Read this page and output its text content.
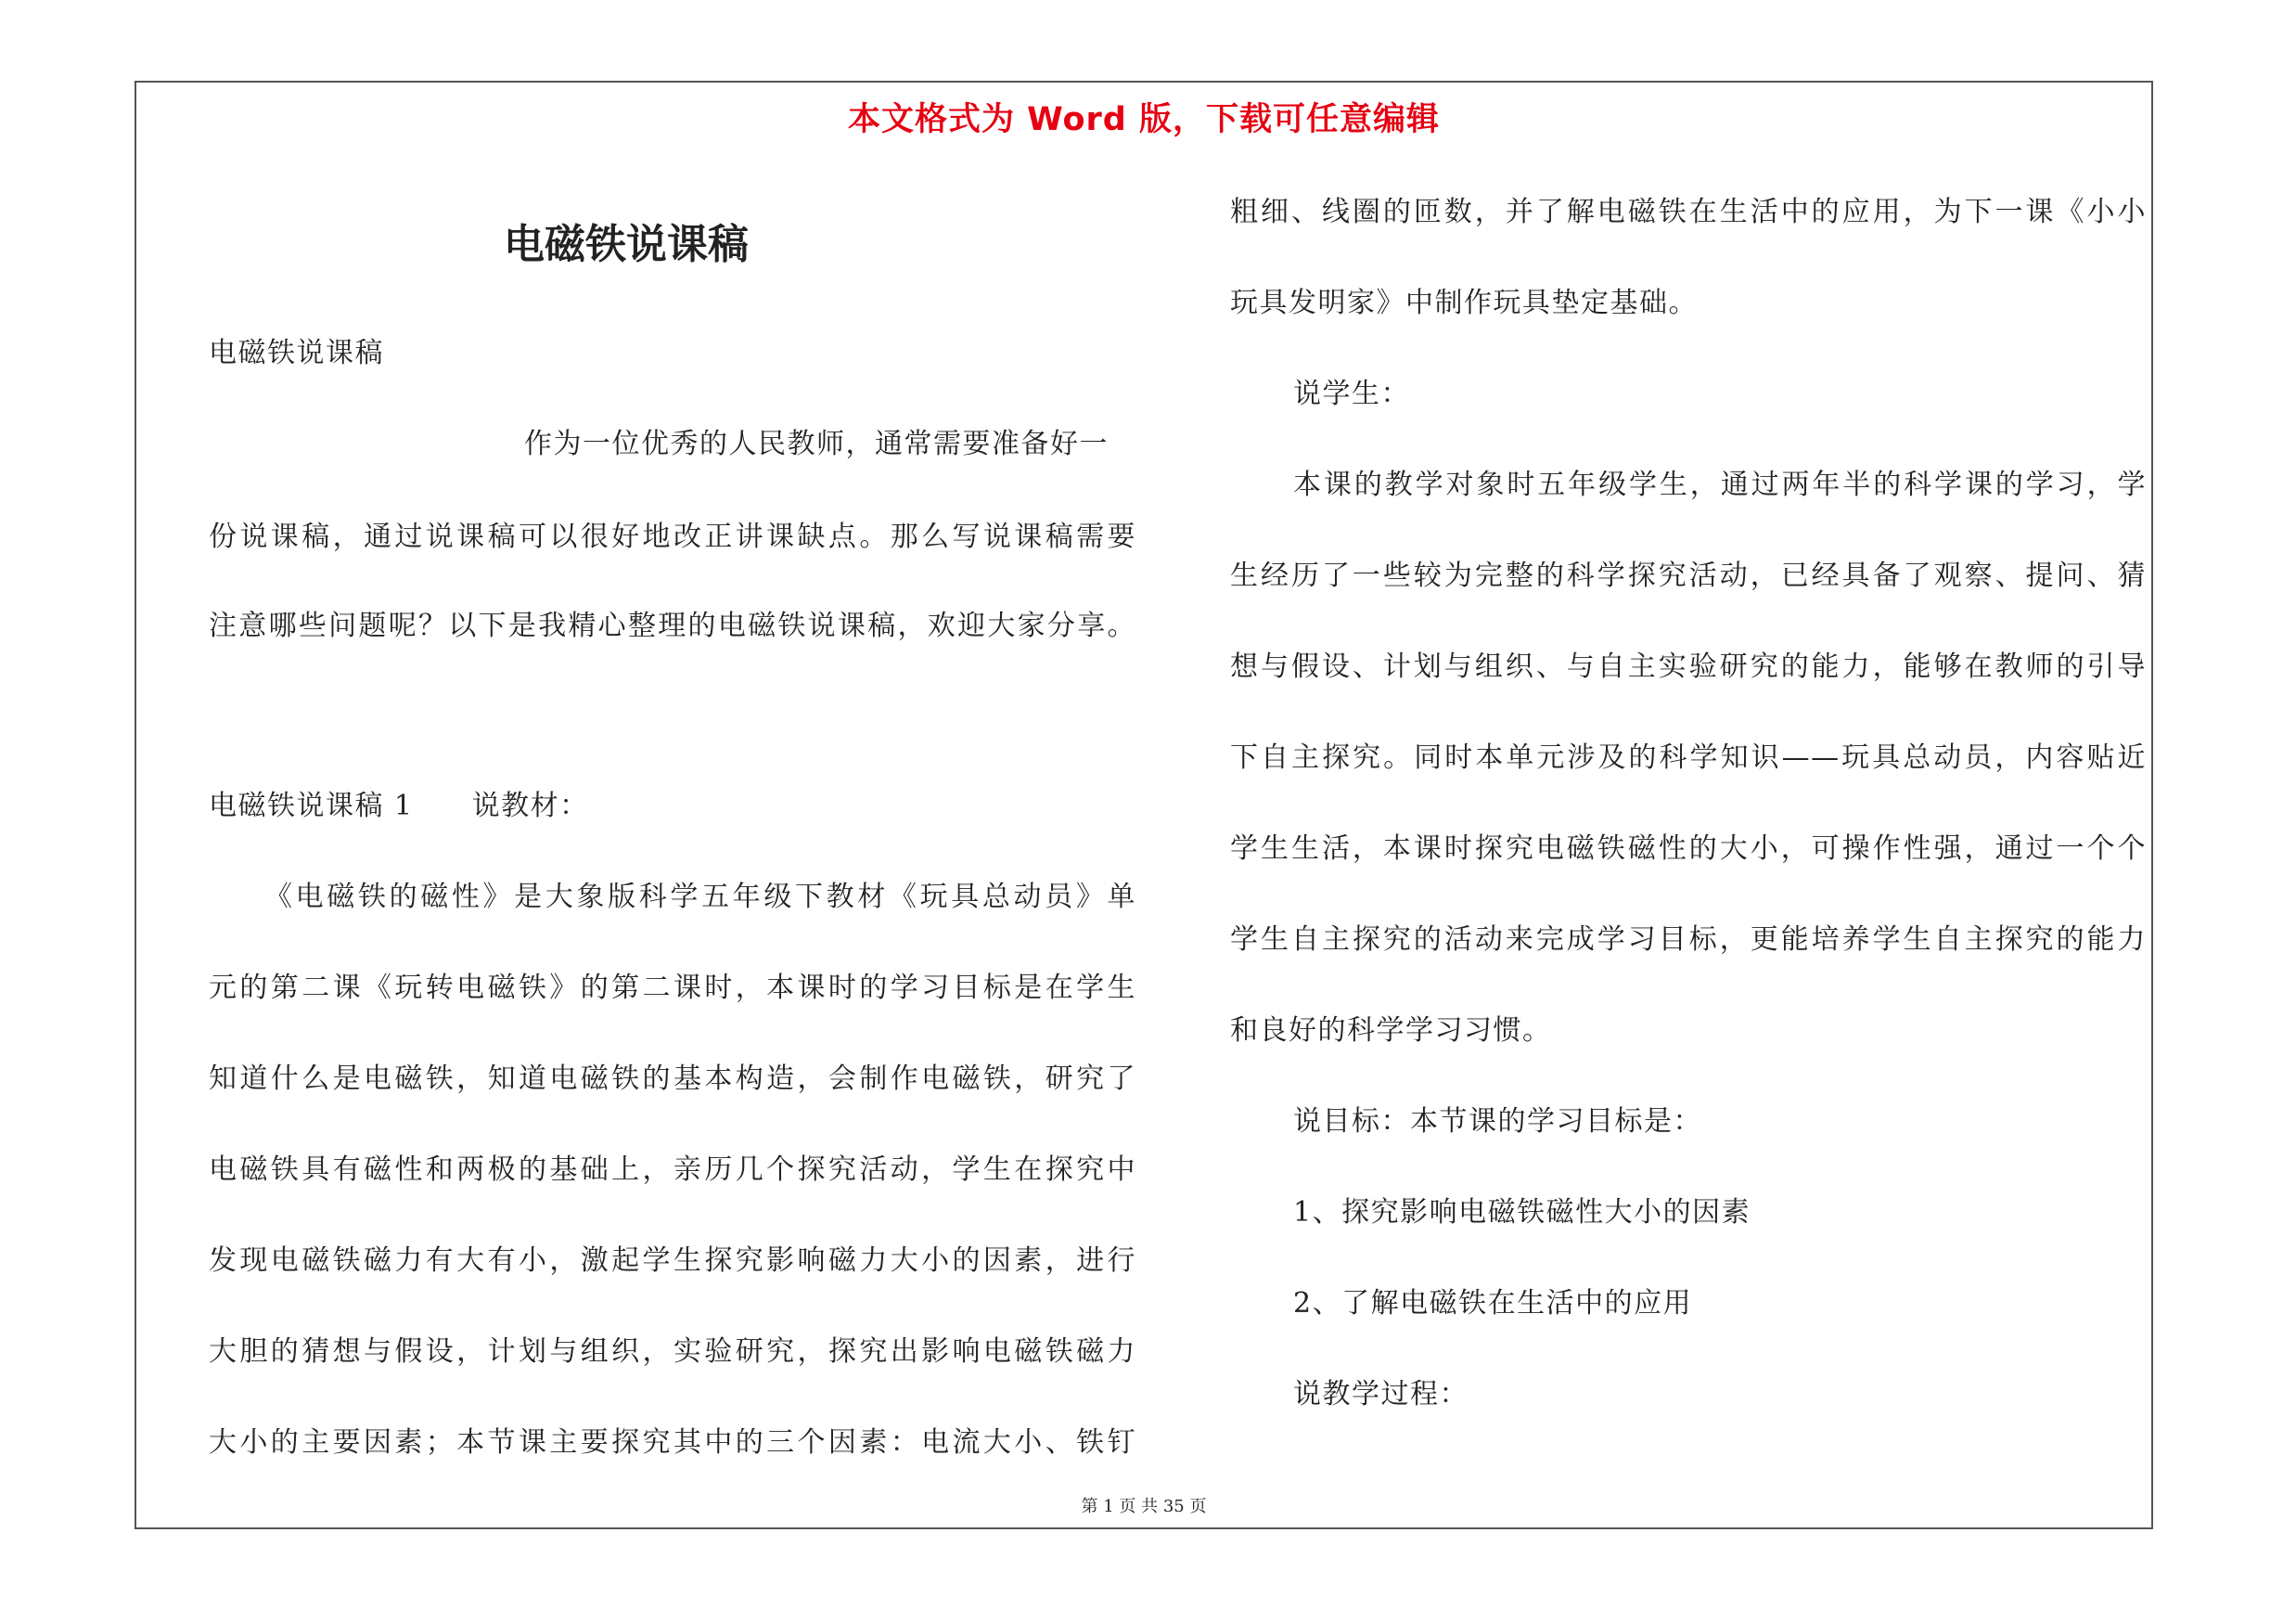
本文格式为 Word 版，下载可任意编辑
电磁铁说课稿
电磁铁说课稿
作为一位优秀的人民教师，通常需要准备好一
份说课稿，通过说课稿可以很好地改正讲课缺点。那么写说课稿需要
注意哪些问题呢？以下是我精心整理的电磁铁说课稿，欢迎大家分享。
电磁铁说课稿 1　　说教材：
《电磁铁的磁性》是大象版科学五年级下教材《玩具总动员》单
元的第二课《玩转电磁铁》的第二课时，本课时的学习目标是在学生
知道什么是电磁铁，知道电磁铁的基本构造，会制作电磁铁，研究了
电磁铁具有磁性和两极的基础上，亲历几个探究活动，学生在探究中
发现电磁铁磁力有大有小，激起学生探究影响磁力大小的因素，进行
大胆的猜想与假设，计划与组织，实验研究，探究出影响电磁铁磁力
大小的主要因素；本节课主要探究其中的三个因素：电流大小、铁钉
粗细、线圈的匝数，并了解电磁铁在生活中的应用，为下一课《小小
玩具发明家》中制作玩具垫定基础。
说学生：
本课的教学对象时五年级学生，通过两年半的科学课的学习，学
生经历了一些较为完整的科学探究活动，已经具备了观察、提问、猜
想与假设、计划与组织、与自主实验研究的能力，能够在教师的引导
下自主探究。同时本单元涉及的科学知识——玩具总动员，内容贴近
学生生活，本课时探究电磁铁磁性的大小，可操作性强，通过一个个
学生自主探究的活动来完成学习目标，更能培养学生自主探究的能力
和良好的科学学习习惯。
说目标：本节课的学习目标是：
1、探究影响电磁铁磁性大小的因素
2、了解电磁铁在生活中的应用
说教学过程：
第 1 页 共 35 页
